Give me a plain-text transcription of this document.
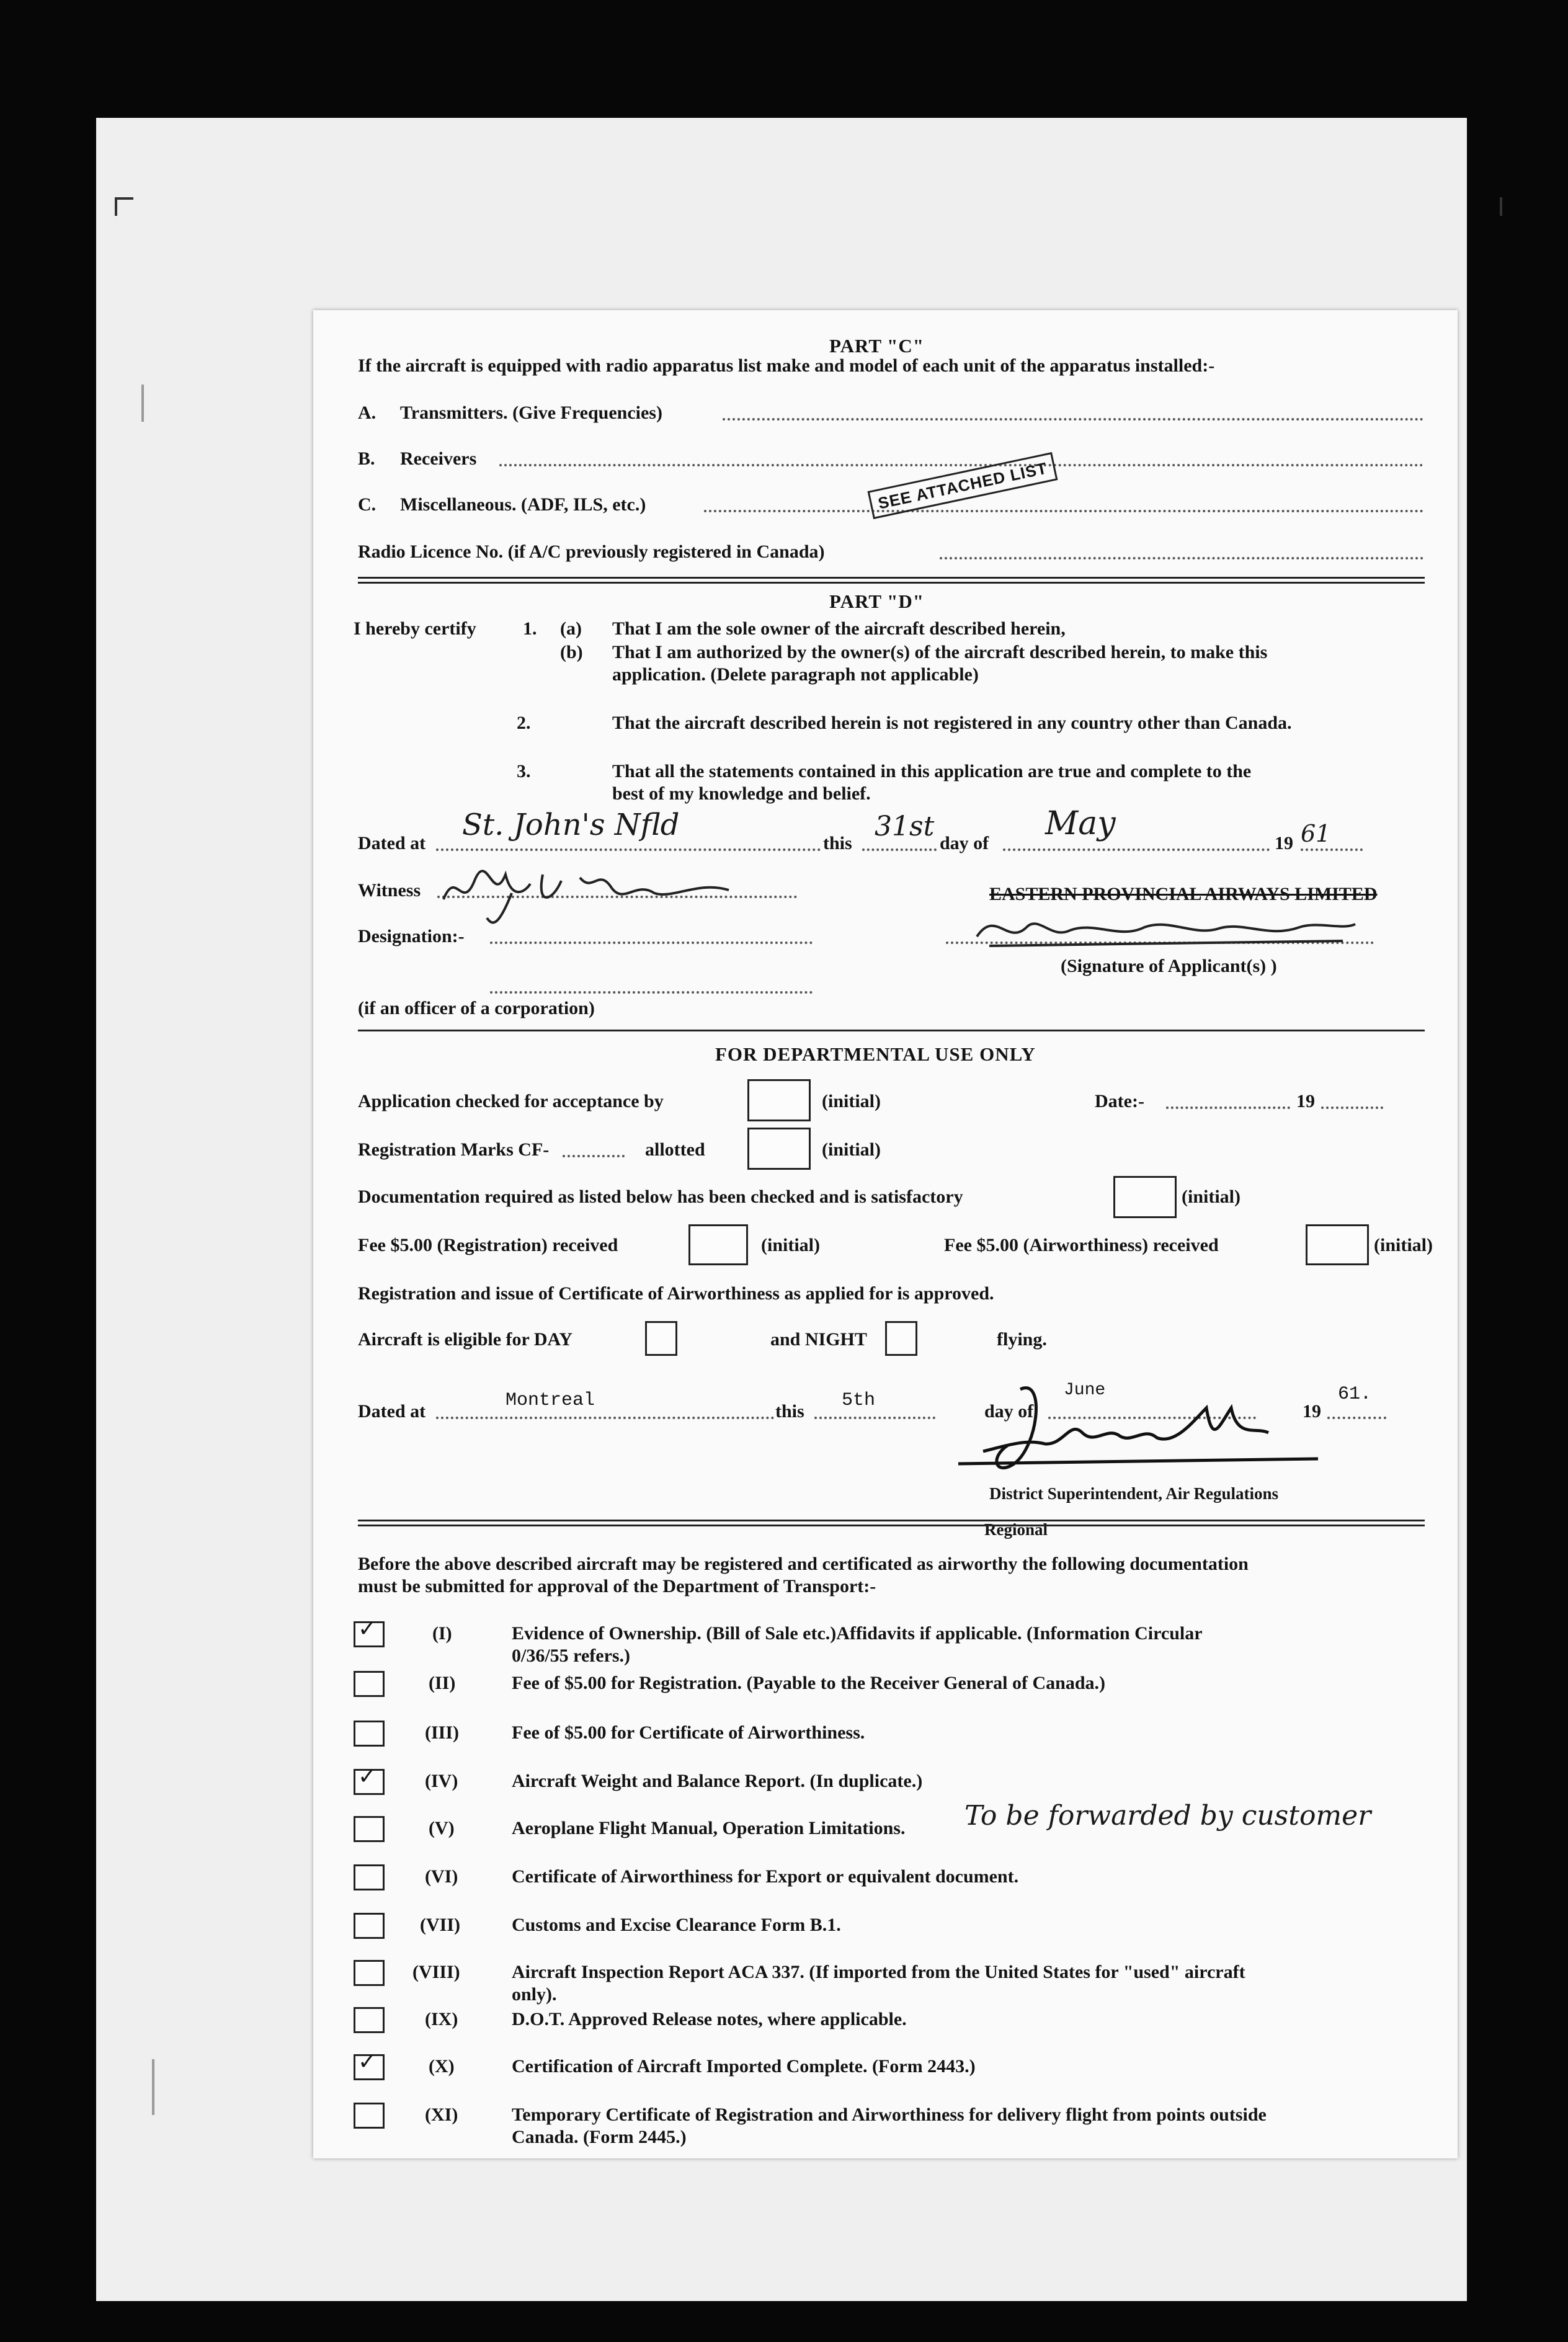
PART "C"
If the aircraft is equipped with radio apparatus list make and model of each unit of the apparatus installed:-
A. Transmitters. (Give Frequencies)
B. Receivers
C. Miscellaneous. (ADF, ILS, etc.)	SEE ATTACHED LIST
Radio Licence No. (if A/C previously registered in Canada)
PART "D"
I hereby certify	1. (a) That I am the sole owner of the aircraft described herein,
(b) That I am authorized by the owner(s) of the aircraft described herein, to make this
application. (Delete paragraph not applicable)
2.	That the aircraft described herein is not registered in any country other than Canada.
3.	That all the statements contained in this application are true and complete to the
best of my knowledge and belief.
Dated at
St. John's Nfld
this
31st
day of
May
19 61
Witness	EASTERN PROVINCIAL AIRWAYS LIMITED
Designation:-
(Signature of Applicant(s) )
(if an officer of a corporation)
FOR DEPARTMENTAL USE ONLY
Application checked for acceptance by	(initial)	Date:-	19
Registration Marks CF-	allotted	(initial)
Documentation required as listed below has been checked and is satisfactory	(initial)
Fee $5.00 (Registration) received	(initial)	Fee $5.00 (Airworthiness) received	(initial)
Registration and issue of Certificate of Airworthiness as applied for is approved.
Aircraft is eligible for DAY	and NIGHT	flying.
Dated at
Montreal
this
5th
day of
June
19
61.
District Superintendent, Air Regulations
Regional
Before the above described aircraft may be registered and certificated as airworthy the following documentation
must be submitted for approval of the Department of Transport:-
✓	(I)	Evidence of Ownership. (Bill of Sale etc.)Affidavits if applicable. (Information Circular
0/36/55 refers.)
(II)	Fee of $5.00 for Registration. (Payable to the Receiver General of Canada.)
(III)	Fee of $5.00 for Certificate of Airworthiness.
✓	(IV)	Aircraft Weight and Balance Report. (In duplicate.)
(V)	Aeroplane Flight Manual, Operation Limitations. To be forwarded by customer
(VI)	Certificate of Airworthiness for Export or equivalent document.
(VII)	Customs and Excise Clearance Form B.1.
(VIII)	Aircraft Inspection Report ACA 337. (If imported from the United States for "used" aircraft
only).
(IX)	D.O.T. Approved Release notes, where applicable.
✓	(X)	Certification of Aircraft Imported Complete. (Form 2443.)
(XI)	Temporary Certificate of Registration and Airworthiness for delivery flight from points outside
Canada. (Form 2445.)
